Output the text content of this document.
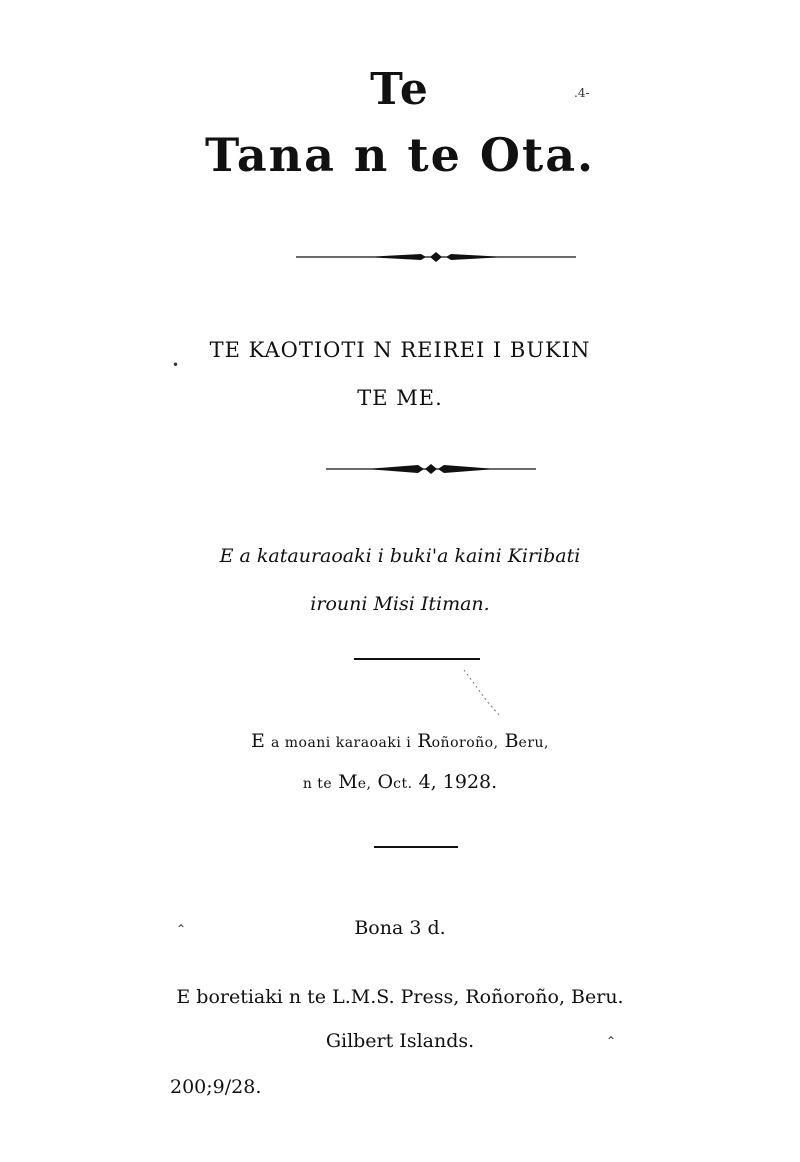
Te	.4-
Tana n te Ota.
TE KAOTIOTI N REIREI I BUKIN
•
TE ME.
E a katauraoaki i buki'a kaini Kiribati
irouni Misi Itiman.
E a moani karaoaki i Roñoroño, Beru,
n te Me, Oct. 4, 1928.
⌃	Bona 3 d.
E boretiaki n te L.M.S. Press, Roñoroño, Beru.
Gilbert Islands.	⌃
200;9/28.
